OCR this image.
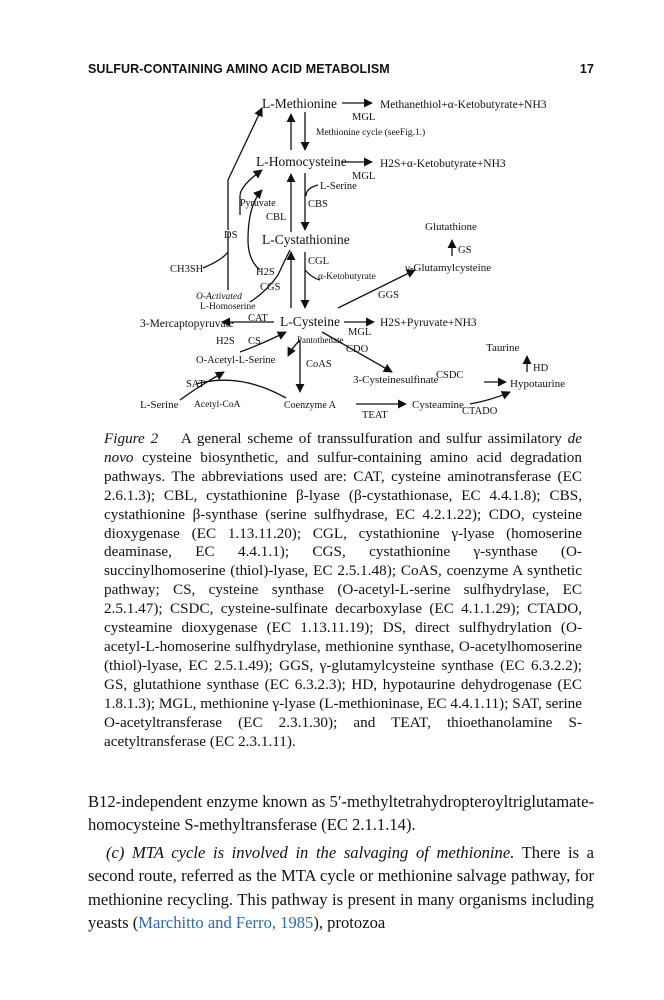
SULFUR-CONTAINING AMINO ACID METABOLISM	17
L-Methionine	Methanethiol+α-Ketobutyrate+NH3
MGL
Methionine cycle (seeFig.1.)
L-Homocysteine	H2S+α-Ketobutyrate+NH3
MGL
L-Serine
Pyruvate	CBS
CBL
DS L-Cystathionine
Glutathione
GS
CH3SH	H2S
CGL
α-Ketobutyrate
γ-Glutamylcysteine
CGS
GGS
O-Activated
L-Homoserine
3-Mercaptopyruvate CAT L-Cysteine
MGL
H2S+Pyruvate+NH3
H2S CS	Pantothenate
CDO	Taurine
O-Acetyl-L-Serine	CoAS	HD
CSDC
3-Cysteinesulfinate	Hypotaurine
SAT
L-Serine Acetyl-CoA	Coenzyme A
TEAT
Cysteamine
CTADO
Figure 2 A general scheme of transsulfuration and sulfur assimilatory de novo cysteine biosynthetic, and sulfur-containing amino acid degradation pathways. The abbreviations used are: CAT, cysteine aminotransferase (EC 2.6.1.3); CBL, cystathionine β-lyase (β-cystathionase, EC 4.4.1.8); CBS, cystathionine β-synthase (serine sulfhydrase, EC 4.2.1.22); CDO, cysteine dioxygenase (EC 1.13.11.20); CGL, cystathionine γ-lyase (homoserine deaminase, EC 4.4.1.1); CGS, cystathionine γ-synthase (O-succinylhomoserine (thiol)-lyase, EC 2.5.1.48); CoAS, coenzyme A synthetic pathway; CS, cysteine synthase (O-acetyl-L-serine sulfhydrylase, EC 2.5.1.47); CSDC, cysteine-sulfinate decarboxylase (EC 4.1.1.29); CTADO, cysteamine dioxygenase (EC 1.13.11.19); DS, direct sulfhydrylation (O-acetyl-L-homoserine sulfhydrylase, methionine synthase, O-acetylhomoserine (thiol)-lyase, EC 2.5.1.49); GGS, γ-glutamylcysteine synthase (EC 6.3.2.2); GS, glutathione synthase (EC 6.3.2.3); HD, hypotaurine dehydrogenase (EC 1.8.1.3); MGL, methionine γ-lyase (L-methioninase, EC 4.4.1.11); SAT, serine O-acetyltransferase (EC 2.3.1.30); and TEAT, thioethanolamine S-acetyltransferase (EC 2.3.1.11).

B12-independent enzyme known as 5′-methyltetrahydropteroyltriglutamate-homocysteine S-methyltransferase (EC 2.1.1.14).

(c) MTA cycle is involved in the salvaging of methionine. There is a second route, referred as the MTA cycle or methionine salvage pathway, for methionine recycling. This pathway is present in many organisms including yeasts (Marchitto and Ferro, 1985), protozoa
